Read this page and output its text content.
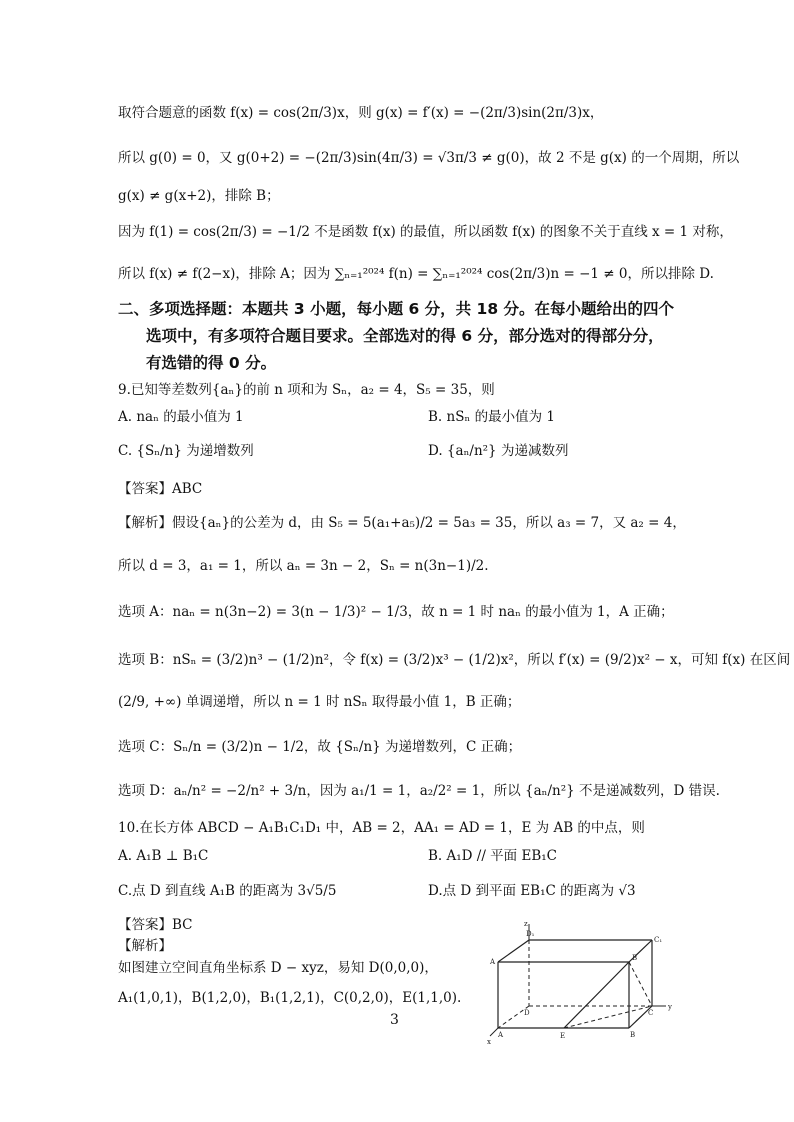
取符合题意的函数 f(x) = cos(2π/3)x，则 g(x) = f′(x) = −(2π/3)sin(2π/3)x，
所以 g(0) = 0，又 g(0+2) = −(2π/3)sin(4π/3) = √3π/3 ≠ g(0)，故 2 不是 g(x) 的一个周期，所以
g(x) ≠ g(x+2)，排除 B；
因为 f(1) = cos(2π/3) = −1/2 不是函数 f(x) 的最值，所以函数 f(x) 的图象不关于直线 x = 1 对称，
所以 f(x) ≠ f(2−x)，排除 A；因为 ∑ₙ₌₁²⁰²⁴ f(n) = ∑ₙ₌₁²⁰²⁴ cos(2π/3)n = −1 ≠ 0，所以排除 D.
二、多项选择题：本题共 3 小题，每小题 6 分，共 18 分。在每小题给出的四个
选项中，有多项符合题目要求。全部选对的得 6 分，部分选对的得部分分，
有选错的得 0 分。
9.已知等差数列{aₙ}的前 n 项和为 Sₙ，a₂ = 4，S₅ = 35，则
A. naₙ 的最小值为 1	B. nSₙ 的最小值为 1
C. {Sₙ/n} 为递增数列	D. {aₙ/n²} 为递减数列
【答案】ABC
【解析】假设{aₙ}的公差为 d，由 S₅ = 5(a₁+a₅)/2 = 5a₃ = 35，所以 a₃ = 7，又 a₂ = 4，
所以 d = 3，a₁ = 1，所以 aₙ = 3n − 2，Sₙ = n(3n−1)/2.
选项 A：naₙ = n(3n−2) = 3(n − 1/3)² − 1/3，故 n = 1 时 naₙ 的最小值为 1，A 正确；
选项 B：nSₙ = (3/2)n³ − (1/2)n²，令 f(x) = (3/2)x³ − (1/2)x²，所以 f′(x) = (9/2)x² − x，可知 f(x) 在区间
(2/9, +∞) 单调递增，所以 n = 1 时 nSₙ 取得最小值 1，B 正确；
选项 C：Sₙ/n = (3/2)n − 1/2，故 {Sₙ/n} 为递增数列，C 正确；
选项 D：aₙ/n² = −2/n² + 3/n，因为 a₁/1 = 1，a₂/2² = 1，所以 {aₙ/n²} 不是递减数列，D 错误.
10.在长方体 ABCD − A₁B₁C₁D₁ 中，AB = 2，AA₁ = AD = 1，E 为 AB 的中点，则
A. A₁B ⊥ B₁C	B. A₁D // 平面 EB₁C
C.点 D 到直线 A₁B 的距离为 3√5/5	D.点 D 到平面 EB₁C 的距离为 √3
【答案】BC
【解析】
如图建立空间直角坐标系 D − xyz，易知 D(0,0,0)，
A₁(1,0,1)，B(1,2,0)，B₁(1,2,1)，C(0,2,0)，E(1,1,0).
z
D₁
A	B
C₁
D	C
y
E	B
A
x
3
